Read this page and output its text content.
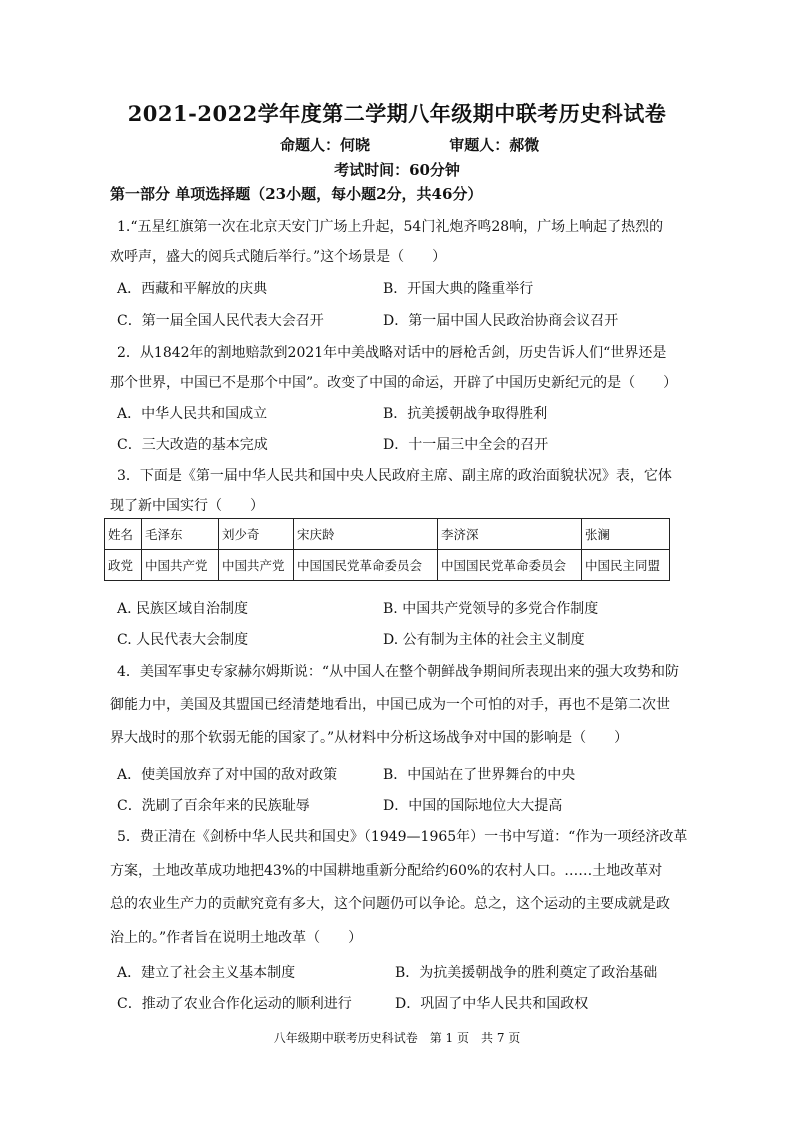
2021-2022学年度第二学期八年级期中联考历史科试卷
命题人：何晓	审题人：郝微
考试时间：60分钟
第一部分 单项选择题（23小题，每小题2分，共46分）
1.“五星红旗第一次在北京天安门广场上升起，54门礼炮齐鸣28响，广场上响起了热烈的
欢呼声，盛大的阅兵式随后举行。”这个场景是（　　）
A．西藏和平解放的庆典	B．开国大典的隆重举行
C．第一届全国人民代表大会召开	D．第一届中国人民政治协商会议召开
2．从1842年的割地赔款到2021年中美战略对话中的唇枪舌剑，历史告诉人们“世界还是
那个世界，中国已不是那个中国”。改变了中国的命运，开辟了中国历史新纪元的是（　　）
A．中华人民共和国成立	B．抗美援朝战争取得胜利
C．三大改造的基本完成	D．十一届三中全会的召开
3．下面是《第一届中华人民共和国中央人民政府主席、副主席的政治面貌状况》表，它体
现了新中国实行（　　）
姓名	毛泽东	刘少奇	宋庆龄	李济深	张澜
政党	中国共产党	中国共产党	中国国民党革命委员会	中国国民党革命委员会	中国民主同盟
A. 民族区域自治制度	B. 中国共产党领导的多党合作制度
C. 人民代表大会制度	D. 公有制为主体的社会主义制度
4．美国军事史专家赫尔姆斯说：“从中国人在整个朝鲜战争期间所表现出来的强大攻势和防
御能力中，美国及其盟国已经清楚地看出，中国已成为一个可怕的对手，再也不是第二次世
界大战时的那个软弱无能的国家了。”从材料中分析这场战争对中国的影响是（　　）
A．使美国放弃了对中国的敌对政策	B．中国站在了世界舞台的中央
C．洗刷了百余年来的民族耻辱	D．中国的国际地位大大提高
5．费正清在《剑桥中华人民共和国史》（1949—1965年）一书中写道：“作为一项经济改革
方案，土地改革成功地把43%的中国耕地重新分配给约60%的农村人口。……土地改革对
总的农业生产力的贡献究竟有多大，这个问题仍可以争论。总之，这个运动的主要成就是政
治上的。”作者旨在说明土地改革（　　）
A．建立了社会主义基本制度	B．为抗美援朝战争的胜利奠定了政治基础
C．推动了农业合作化运动的顺利进行	D．巩固了中华人民共和国政权
八年级期中联考历史科试卷　第 1 页　共 7 页
